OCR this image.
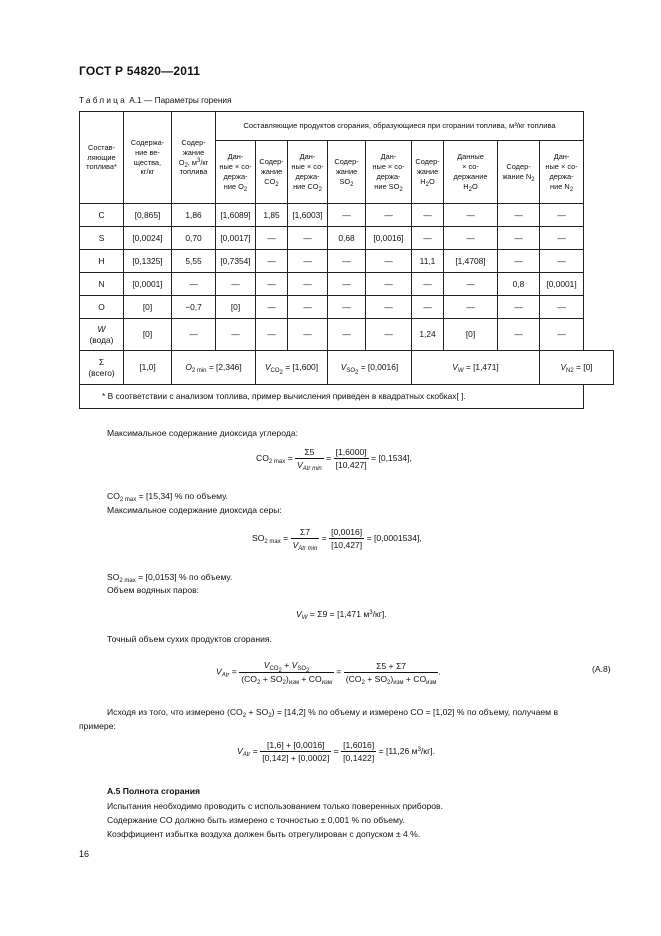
ГОСТ Р 54820—2011
Таблица А.1 — Параметры горения
Состав-
ляющие
топлива*	Содержа-
ние ве-
щества,
кг/кг	Содер-
жание
$O_2$, $м^3/кг$
топлива	Составляющие продуктов сгорания, образующиеся при сгорании топлива, м³/кг топлива								
			Дан-
ные × со-
держа-
ние $O_2$	Содер-
жание
$CO_2$	Дан-
ные × со-
держа-
ние $CO_2$	Содер-
жание
$SO_2$	Дан-
ные × со-
держа-
ние $SO_2$	Содер-
жание
$H_2O$	Данные
× со-
держание
$H_2O$	Содер-
жание $N_2$	Дан-
ные × со-
держа-
ние $N_2$
C	[0,865]	1,86	[1,6089]	1,85	[1,6003]	—	—	—	—	—	—
S	[0,0024]	0,70	[0,0017]	—	—	0,68	[0,0016]	—	—	—	—
H	[0,1325]	5,55	[0,7354]	—	—	—	—	11,1	[1,4708]	—	—
N	[0,0001]	—	—	—	—	—	—	—	—	0,8	[0,0001]
O	[0]	−0,7	[0]	—	—	—	—	—	—	—	—
W
(вода)	[0]	—	—	—	—	—	—	1,24	[0]	—	—
Σ
(всего)	[1,0]	$O_{2 min} = [2,346]$		$V_{CO_2} = [1,600]$		$V_{SO_2} = [0,0016]$		$V_W = [1,471]$			$V_{N2} = [0]$
* В соответствии с анализом топлива, пример вычисления приведен в квадратных скобках[ ].											
Максимальное содержание диоксида углерода:
$CO_{2 max}$ =
Σ5
$V_{Atr min}$
= $\frac{[1,6000]}{[10,427]} = [0,1534]$,
$CO_{2 max} = [15,34]$ % по объему.
Максимальное содержание диоксида серы:
$SO_{2 max}$ =
Σ7
$V_{Atr min}$
= $\frac{[0,0016]}{[10,427]} = [0,0001534]$,
$SO_{2 max} = [0,0153]$ % по объему.
Объем водяных паров:
$V_W = \Sigma 9 = [1,471$ $м^3/кг$].
Точный объем сухих продуктов сгорания.
$V_{Atr}$ =
$V_{CO_2} + V_{SO_2}$
$(CO_2 + SO_2)_{изм} + CO_{изм}$
=
Σ5 + Σ7
$(CO_2 + SO_2)_{изм} + CO_{изм}$
.	(А.8)
Исходя из того, что измерено $(CO_2 + SO_2) = [14,2]$ % по объему и измерено CO = [1,02] % по объему, получаем в
примере:
$V_{Atr} = \frac{[1,6] + [0,0016]}{[0,142] + [0,0002]} = \frac{[1,6016]}{[0,1422]} = [11,26$ $м^3/кг$].
А.5 Полнота сгорания
Испытания необходимо проводить с использованием только поверенных приборов.
Содержание CO должно быть измерено с точностью ± 0,001 % по объему.
Коэффициент избытка воздуха должен быть отрегулирован с допуском ± 4 %.
16
